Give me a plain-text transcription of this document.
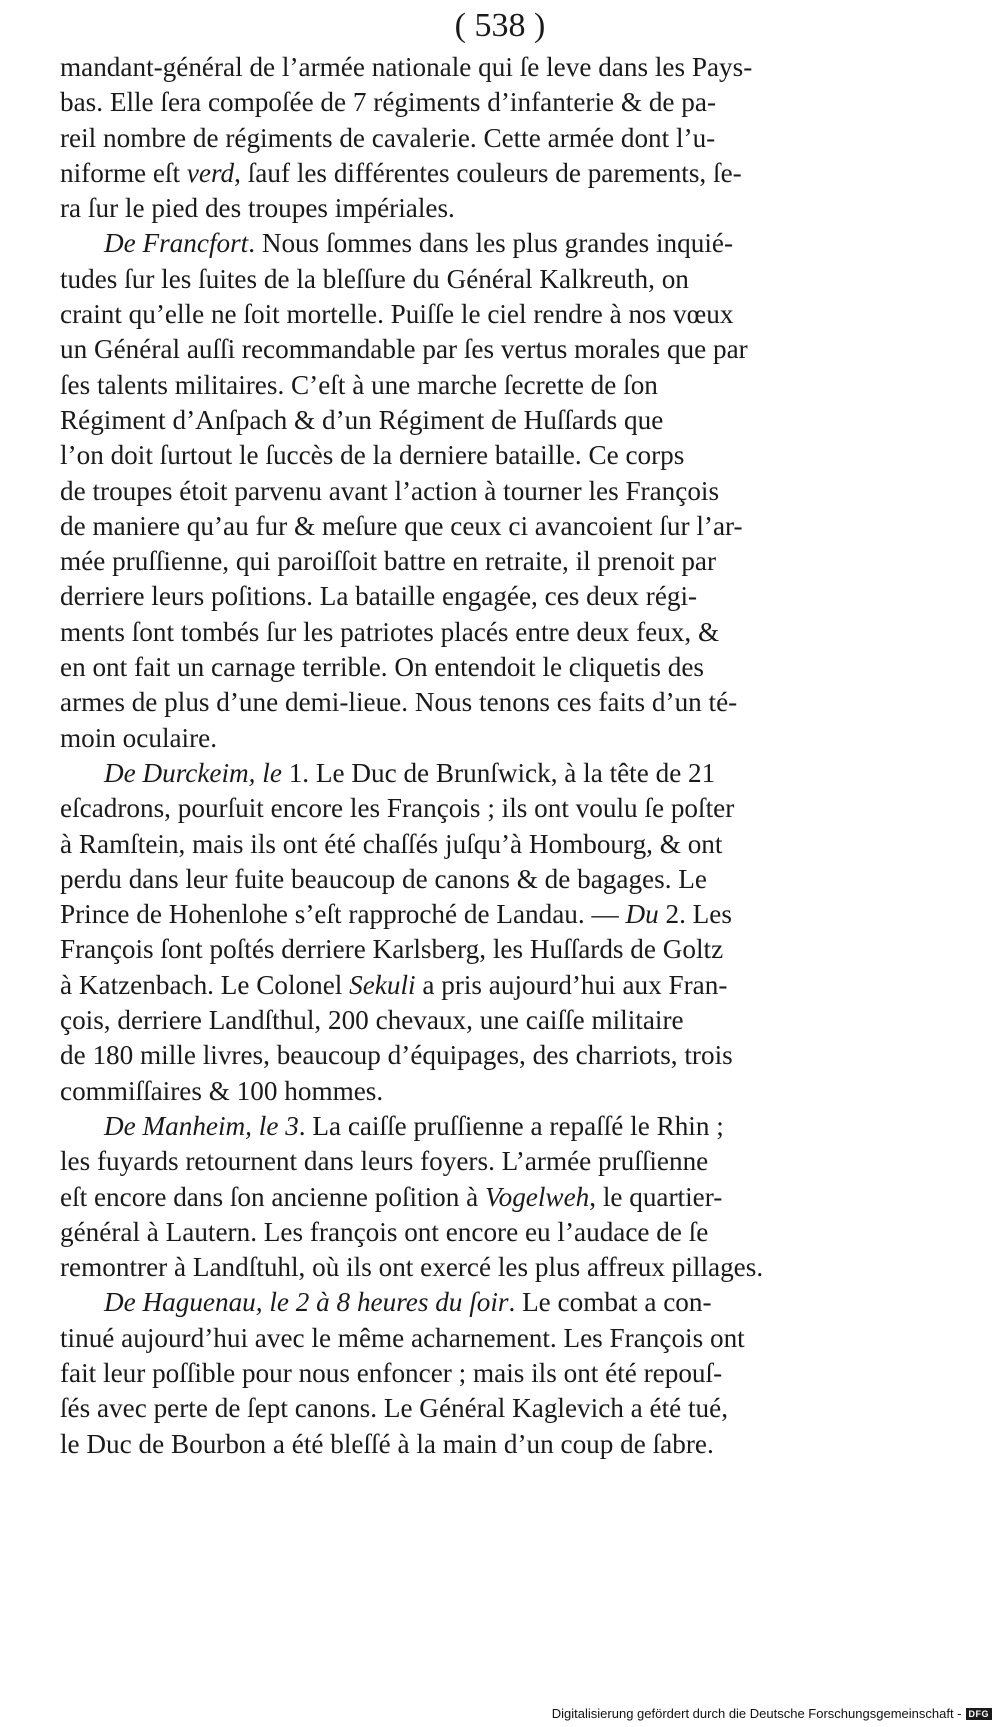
( 538 )
mandant-général de l’armée nationale qui ſe leve dans les Pays-
bas. Elle ſera compoſée de 7 régiments d’infanterie & de pa-
reil nombre de régiments de cavalerie. Cette armée dont l’u-
niforme eſt verd, ſauf les différentes couleurs de parements, ſe-
ra ſur le pied des troupes impériales.
De Francfort. Nous ſommes dans les plus grandes inquié-
tudes ſur les ſuites de la bleſſure du Général Kalkreuth, on
craint qu’elle ne ſoit mortelle. Puiſſe le ciel rendre à nos vœux
un Général auſſi recommandable par ſes vertus morales que par
ſes talents militaires. C’eſt à une marche ſecrette de ſon
Régiment d’Anſpach & d’un Régiment de Huſſards que
l’on doit ſurtout le ſuccès de la derniere bataille. Ce corps
de troupes étoit parvenu avant l’action à tourner les François
de maniere qu’au fur & meſure que ceux ci avancoient ſur l’ar-
mée pruſſienne, qui paroiſſoit battre en retraite, il prenoit par
derriere leurs poſitions. La bataille engagée, ces deux régi-
ments ſont tombés ſur les patriotes placés entre deux feux, &
en ont fait un carnage terrible. On entendoit le cliquetis des
armes de plus d’une demi-lieue. Nous tenons ces faits d’un té-
moin oculaire.
De Durckeim, le 1. Le Duc de Brunſwick, à la tête de 21
eſcadrons, pourſuit encore les François ; ils ont voulu ſe poſter
à Ramſtein, mais ils ont été chaſſés juſqu’à Hombourg, & ont
perdu dans leur fuite beaucoup de canons & de bagages. Le
Prince de Hohenlohe s’eſt rapproché de Landau. — Du 2. Les
François ſont poſtés derriere Karlsberg, les Huſſards de Goltz
à Katzenbach. Le Colonel Sekuli a pris aujourd’hui aux Fran-
çois, derriere Landſthul, 200 chevaux, une caiſſe militaire
de 180 mille livres, beaucoup d’équipages, des charriots, trois
commiſſaires & 100 hommes.
De Manheim, le 3. La caiſſe pruſſienne a repaſſé le Rhin ;
les fuyards retournent dans leurs foyers. L’armée pruſſienne
eſt encore dans ſon ancienne poſition à Vogelweh, le quartier-
général à Lautern. Les françois ont encore eu l’audace de ſe
remontrer à Landſtuhl, où ils ont exercé les plus affreux pillages.
De Haguenau, le 2 à 8 heures du ſoir. Le combat a con-
tinué aujourd’hui avec le même acharnement. Les François ont
fait leur poſſible pour nous enfoncer ; mais ils ont été repouſ-
ſés avec perte de ſept canons. Le Général Kaglevich a été tué,
le Duc de Bourbon a été bleſſé à la main d’un coup de ſabre.
Digitalisierung gefördert durch die Deutsche Forschungsgemeinschaft - DFG
